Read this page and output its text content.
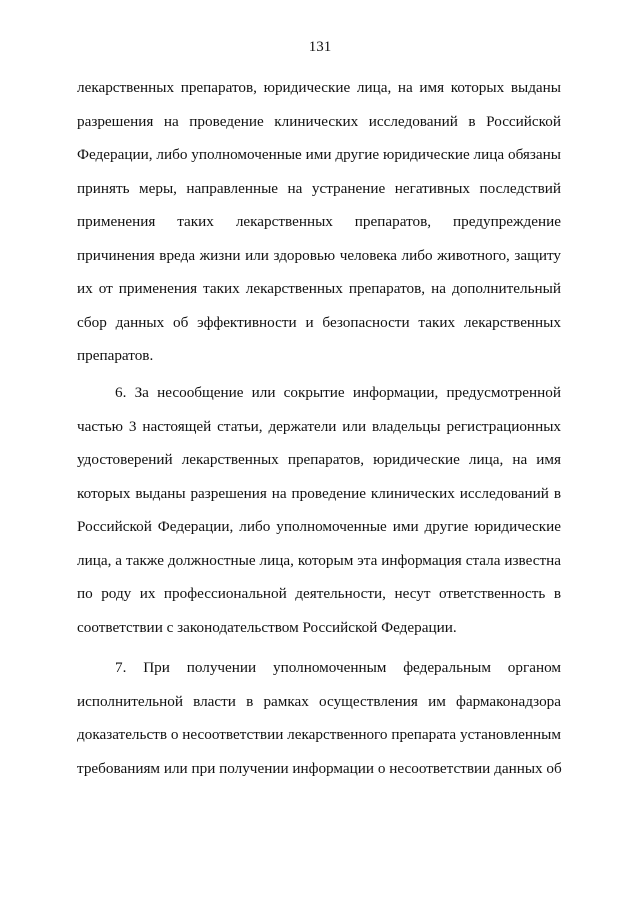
131
лекарственных препаратов, юридические лица, на имя которых выданы
разрешения на проведение клинических исследований в Российской
Федерации, либо уполномоченные ими другие юридические лица обязаны
принять меры, направленные на устранение негативных последствий
применения таких лекарственных препаратов, предупреждение
причинения вреда жизни или здоровью человека либо животного, защиту
их от применения таких лекарственных препаратов, на дополнительный
сбор данных об эффективности и безопасности таких лекарственных
препаратов.
6. За несообщение или сокрытие информации, предусмотренной
частью 3 настоящей статьи, держатели или владельцы регистрационных
удостоверений лекарственных препаратов, юридические лица, на имя
которых выданы разрешения на проведение клинических исследований в
Российской Федерации, либо уполномоченные ими другие юридические
лица, а также должностные лица, которым эта информация стала известна
по роду их профессиональной деятельности, несут ответственность в
соответствии с законодательством Российской Федерации.
7. При получении уполномоченным федеральным органом
исполнительной власти в рамках осуществления им фармаконадзора
доказательств о несоответствии лекарственного препарата установленным
требованиям или при получении информации о несоответствии данных об
